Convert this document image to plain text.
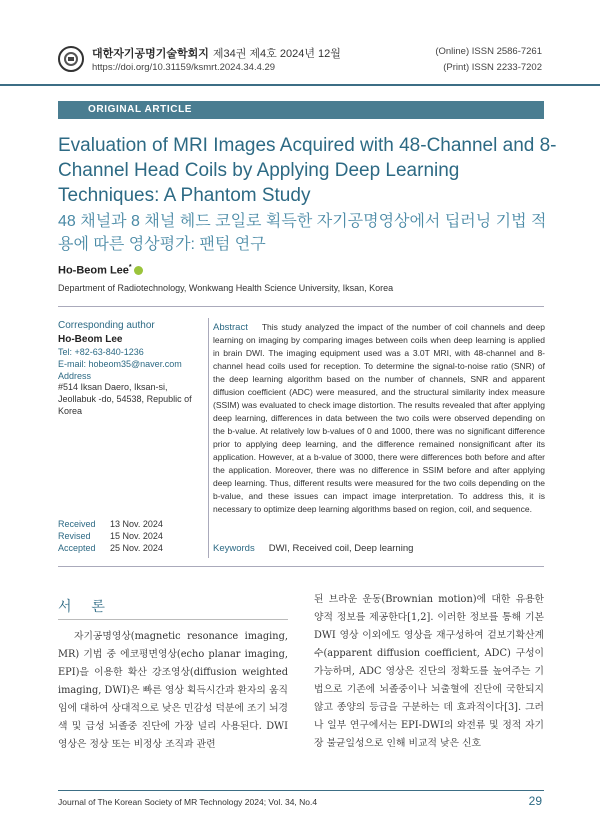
대한자기공명기술학회지 제34권 제4호 2024년 12월
https://doi.org/10.31159/ksmrt.2024.34.4.29
(Online) ISSN 2586-7261
(Print) ISSN 2233-7202
ORIGINAL ARTICLE
Evaluation of MRI Images Acquired with 48-Channel and 8-Channel Head Coils by Applying Deep Learning Techniques: A Phantom Study
48 채널과 8 채널 헤드 코일로 획득한 자기공명영상에서 딥러닝 기법 적용에 따른 영상평가: 팬텀 연구
Ho-Beom Lee*
Department of Radiotechnology, Wonkwang Health Science University, Iksan, Korea
Corresponding author
Ho-Beom Lee
Tel: +82-63-840-1236
E-mail: hobeom35@naver.com
Address
#514 Iksan Daero, Iksan-si, Jeollabuk -do, 54538, Republic of Korea
Received 13 Nov. 2024
Revised 15 Nov. 2024
Accepted 25 Nov. 2024
Abstract This study analyzed the impact of the number of coil channels and deep learning on imaging by comparing images between coils when deep learning is applied in brain DWI. The imaging equipment used was a 3.0T MRI, with 48-channel and 8-channel head coils used for reception. To determine the signal-to-noise ratio (SNR) of the deep learning algorithm based on the number of channels, SNR and apparent diffusion coefficient (ADC) were measured, and the structural similarity index measure (SSIM) was evaluated to check image distortion. The results revealed that after applying deep learning, differences in data between the two coils were observed depending on the b-value. At relatively low b-values of 0 and 1000, there was no significant difference prior to applying deep learning, and the difference remained nonsignificant after its application. However, at a b-value of 3000, there were differences both before and after the application. Moreover, there was no difference in SSIM before and after applying deep learning. Thus, different results were measured for the two coils depending on the b-value, and these issues can impact image interpretation. To address this, it is necessary to optimize deep learning algorithms based on region, coil, and sequence.
Keywords DWI, Received coil, Deep learning
서 론
자기공명영상(magnetic resonance imaging, MR) 기법 중 에코평면영상(echo planar imaging, EPI)을 이용한 확산 강조영상(diffusion weighted imaging, DWI)은 빠른 영상 획득시간과 환자의 움직임에 대하여 상대적으로 낮은 민감성 덕분에 조기 뇌경색 및 급성 뇌졸중 진단에 가장 널리 사용된다. DWI 영상은 정상 또는 비정상 조직과 관련
된 브라운 운동(Brownian motion)에 대한 유용한 양적 정보를 제공한다[1,2]. 이러한 정보를 통해 기본 DWI 영상 이외에도 영상을 재구성하여 겉보기확산계수(apparent diffusion coefficient, ADC) 구성이 가능하며, ADC 영상은 진단의 정확도를 높여주는 기법으로 기존에 뇌졸중이나 뇌출혈에 진단에 국한되지 않고 종양의 등급을 구분하는 데 효과적이다[3]. 그러나 일부 연구에서는 EPI-DWI의 와전류 및 정적 자기장 불균일성으로 인해 비교적 낮은 신호
Journal of The Korean Society of MR Technology 2024; Vol. 34, No.4	29
